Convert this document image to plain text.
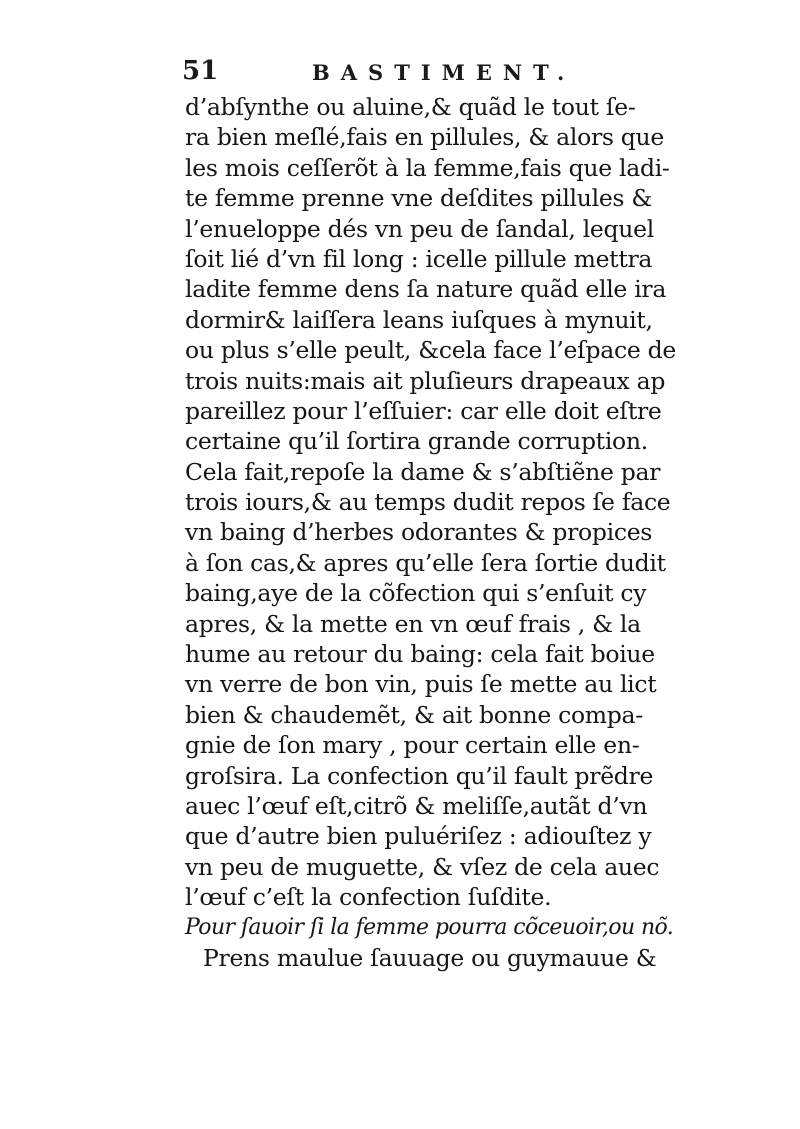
51	BASTIMENT.
d’abſynthe ou aluine,& quãd le tout ſe-
ra bien meſlé,fais en pillules, & alors que
les mois ceſſerõt à la femme,fais que ladi-
te femme prenne vne deſdites pillules &
l’enueloppe dés vn peu de ſandal, lequel
ſoit lié d’vn fil long : icelle pillule mettra
ladite femme dens ſa nature quãd elle ira
dormir& laiſſera leans iuſques à mynuit,
ou plus s’elle peult, &cela face l’eſpace de
trois nuits:mais ait pluſieurs drapeaux ap
pareillez pour l’eſſuier: car elle doit eſtre
certaine qu’il ſortira grande corruption.
Cela fait,repoſe la dame & s’abſtiẽne par
trois iours,& au temps dudit repos ſe face
vn baing d’herbes odorantes & propices
à ſon cas,& apres qu’elle ſera ſortie dudit
baing,aye de la cõfection qui s’enſuit cy
apres, & la mette en vn œuf frais , & la
hume au retour du baing: cela fait boiue
vn verre de bon vin, puis ſe mette au lict
bien & chaudemẽt, & ait bonne compa-
gnie de ſon mary , pour certain elle en-
groſsira. La confection qu’il fault prẽdre
auec l’œuf eſt,citrõ & meliſſe,autãt d’vn
que d’autre bien puluériſez : adiouſtez y
vn peu de muguette, & vſez de cela auec
l’œuf c’eſt la confection ſuſdite.
Pour ſauoir ſi la femme pourra cõceuoir,ou nõ.
Prens maulue ſauuage ou guymauue &
